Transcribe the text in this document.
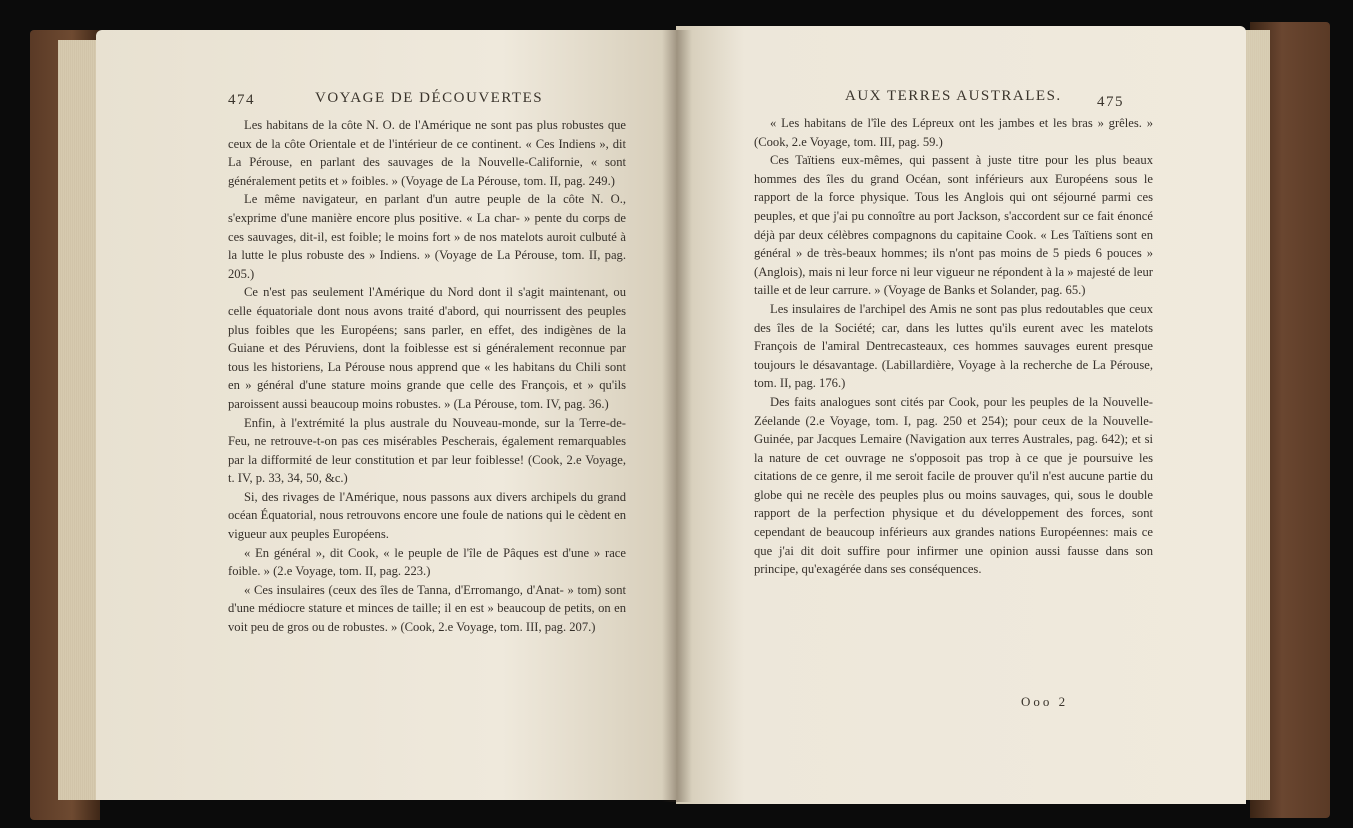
474	VOYAGE DE DÉCOUVERTES

Les habitans de la côte N. O. de l'Amérique ne sont pas plus robustes que ceux de la côte Orientale et de l'intérieur de ce continent. « Ces Indiens », dit La Pérouse, en parlant des sauvages de la Nouvelle-Californie, « sont généralement petits et » foibles. » (Voyage de La Pérouse, tom. II, pag. 249.)

Le même navigateur, en parlant d'un autre peuple de la côte N. O., s'exprime d'une manière encore plus positive. « La char- » pente du corps de ces sauvages, dit-il, est foible; le moins fort » de nos matelots auroit culbuté à la lutte le plus robuste des » Indiens. » (Voyage de La Pérouse, tom. II, pag. 205.)

Ce n'est pas seulement l'Amérique du Nord dont il s'agit maintenant, ou celle équatoriale dont nous avons traité d'abord, qui nourrissent des peuples plus foibles que les Européens; sans parler, en effet, des indigènes de la Guiane et des Péruviens, dont la foiblesse est si généralement reconnue par tous les historiens, La Pérouse nous apprend que « les habitans du Chili sont en » général d'une stature moins grande que celle des François, et » qu'ils paroissent aussi beaucoup moins robustes. » (La Pérouse, tom. IV, pag. 36.)

Enfin, à l'extrémité la plus australe du Nouveau-monde, sur la Terre-de-Feu, ne retrouve-t-on pas ces misérables Pescherais, également remarquables par la difformité de leur constitution et par leur foiblesse! (Cook, 2.e Voyage, t. IV, p. 33, 34, 50, &c.)

Si, des rivages de l'Amérique, nous passons aux divers archipels du grand océan Équatorial, nous retrouvons encore une foule de nations qui le cèdent en vigueur aux peuples Européens.

« En général », dit Cook, « le peuple de l'île de Pâques est d'une » race foible. » (2.e Voyage, tom. II, pag. 223.)

« Ces insulaires (ceux des îles de Tanna, d'Erromango, d'Anat- » tom) sont d'une médiocre stature et minces de taille; il en est » beaucoup de petits, on en voit peu de gros ou de robustes. » (Cook, 2.e Voyage, tom. III, pag. 207.)

AUX TERRES AUSTRALES. 475

« Les habitans de l'île des Lépreux ont les jambes et les bras » grêles. » (Cook, 2.e Voyage, tom. III, pag. 59.)

Ces Taïtiens eux-mêmes, qui passent à juste titre pour les plus beaux hommes des îles du grand Océan, sont inférieurs aux Européens sous le rapport de la force physique. Tous les Anglois qui ont séjourné parmi ces peuples, et que j'ai pu connoître au port Jackson, s'accordent sur ce fait énoncé déjà par deux célèbres compagnons du capitaine Cook. « Les Taïtiens sont en général » de très-beaux hommes; ils n'ont pas moins de 5 pieds 6 pouces » (Anglois), mais ni leur force ni leur vigueur ne répondent à la » majesté de leur taille et de leur carrure. » (Voyage de Banks et Solander, pag. 65.)

Les insulaires de l'archipel des Amis ne sont pas plus redoutables que ceux des îles de la Société; car, dans les luttes qu'ils eurent avec les matelots François de l'amiral Dentrecasteaux, ces hommes sauvages eurent presque toujours le désavantage. (Labillardière, Voyage à la recherche de La Pérouse, tom. II, pag. 176.)

Des faits analogues sont cités par Cook, pour les peuples de la Nouvelle-Zéelande (2.e Voyage, tom. I, pag. 250 et 254); pour ceux de la Nouvelle-Guinée, par Jacques Lemaire (Navigation aux terres Australes, pag. 642); et si la nature de cet ouvrage ne s'opposoit pas trop à ce que je poursuive les citations de ce genre, il me seroit facile de prouver qu'il n'est aucune partie du globe qui ne recèle des peuples plus ou moins sauvages, qui, sous le double rapport de la perfection physique et du développement des forces, sont cependant de beaucoup inférieurs aux grandes nations Européennes: mais ce que j'ai dit doit suffire pour infirmer une opinion aussi fausse dans son principe, qu'exagérée dans ses conséquences.

Ooo 2
